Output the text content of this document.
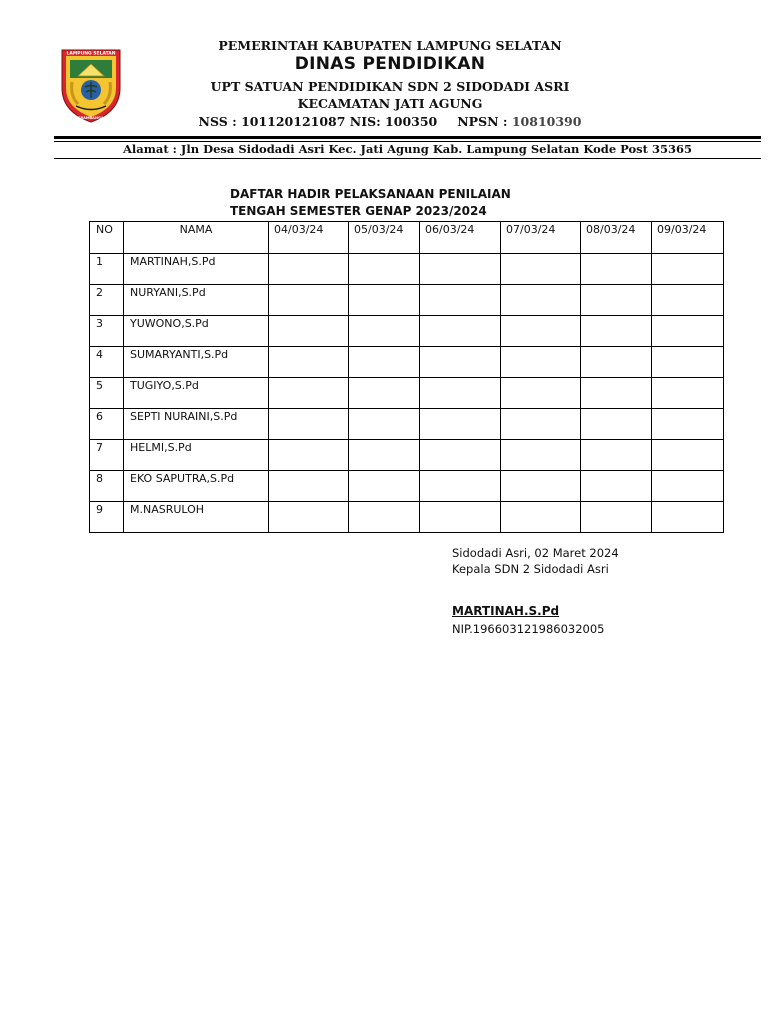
LAMPUNG SELATAN
SEBAMBANGAN
PEMERINTAH KABUPATEN LAMPUNG SELATAN
DINAS PENDIDIKAN
UPT SATUAN PENDIDIKAN SDN 2 SIDODADI ASRI
KECAMATAN JATI AGUNG
NSS : 101120121087 NIS: 100350 NPSN : 10810390
Alamat : Jln Desa Sidodadi Asri Kec. Jati Agung Kab. Lampung Selatan Kode Post 35365
DAFTAR HADIR PELAKSANAAN PENILAIAN
TENGAH SEMESTER GENAP 2023/2024
NO	NAMA	04/03/24	05/03/24	06/03/24	07/03/24	08/03/24	09/03/24
1	MARTINAH,S.Pd						
2	NURYANI,S.Pd						
3	YUWONO,S.Pd						
4	SUMARYANTI,S.Pd						
5	TUGIYO,S.Pd						
6	SEPTI NURAINI,S.Pd						
7	HELMI,S.Pd						
8	EKO SAPUTRA,S.Pd						
9	M.NASRULOH						
Sidodadi Asri, 02 Maret 2024
Kepala SDN 2 Sidodadi Asri
MARTINAH.S.Pd
NIP.196603121986032005
